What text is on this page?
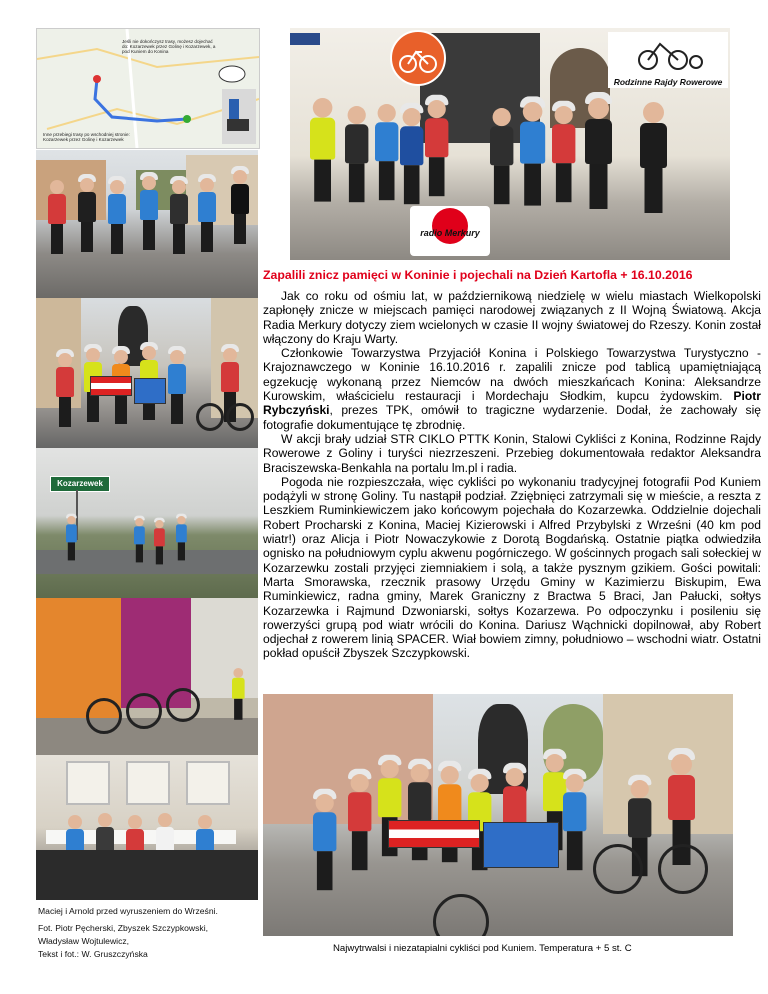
Jeśli nie dokończysz trasy, możesz dojechać do: Kozarzewek przez Golinę i Kozarzewek, a pod Kuniem do Konina
Inne przebiegi trasy po wschodniej stronie: Kozarzewek przez Golinę i Kozarzewek
Kozarzewek
Maciej i Arnold przed wyruszeniem do Wrześni.
Fot. Piotr Pęcherski, Zbyszek Szczypkowski,
Władysław Wojtulewicz,
Tekst i fot.: W. Gruszczyńska
Rodzinne Rajdy Rowerowe
radio Merkury
Zapalili znicz pamięci w Koninie i pojechali na Dzień Kartofla + 16.10.2016

Jak co roku od ośmiu lat, w październikową niedzielę w wielu miastach Wielkopolski zapłonęły znicze w miejscach pamięci narodowej związanych z II Wojną Światową. Akcja Radia Merkury dotyczy ziem wcielonych w czasie II wojny światowej do Rzeszy. Konin został włączony do Kraju Warty.

Członkowie Towarzystwa Przyjaciół Konina i Polskiego Towarzystwa Turystyczno - Krajoznawczego w Koninie 16.10.2016 r. zapalili znicze pod tablicą upamiętniającą egzekucję wykonaną przez Niemców na dwóch mieszkańcach Konina: Aleksandrze Kurowskim, właścicielu restauracji i Mordechaju Słodkim, kupcu żydowskim. Piotr Rybczyński, prezes TPK, omówił to tragiczne wydarzenie. Dodał, że zachowały się fotografie dokumentujące tę zbrodnię.

W akcji brały udział STR CIKLO PTTK Konin, Stalowi Cykliści z Konina, Rodzinne Rajdy Rowerowe z Goliny i turyści niezrzeszeni. Przebieg dokumentowała redaktor Aleksandra Braciszewska-Benkahla na portalu lm.pl i radia.

Pogoda nie rozpieszczała, więc cykliści po wykonaniu tradycyjnej fotografii Pod Kuniem podążyli w stronę Goliny. Tu nastąpił podział. Zziębnięci zatrzymali się w mieście, a reszta z Leszkiem Ruminkiewiczem jako końcowym pojechała do Kozarzewka. Oddzielnie dojechali Robert Procharski z Konina, Maciej Kizierowski i Alfred Przybylski z Wrześni (40 km pod wiatr!) oraz Alicja i Piotr Nowaczykowie z Dorotą Bogdańską. Ostatnie piątka odwiedziła ognisko na południowym cyplu akwenu pogórniczego. W gościnnych progach sali sołeckiej w Kozarzewku zostali przyjęci ziemniakiem i solą, a także pysznym gzikiem. Gości powitali: Marta Smorawska, rzecznik prasowy Urzędu Gminy w Kazimierzu Biskupim, Ewa Ruminkiewicz, radna gminy, Marek Graniczny z Bractwa 5 Braci, Jan Pałucki, sołtys Kozarzewka i Rajmund Dzwoniarski, sołtys Kozarzewa. Po odpoczynku i posileniu się rowerzyści grupą pod wiatr wrócili do Konina. Dariusz Wąchnicki dopilnował, aby Robert odjechał z rowerem linią SPACER. Wiał bowiem zimny, południowo – wschodni wiatr. Ostatni pokład opuścił Zbyszek Szczypkowski.

Najwytrwalsi i niezatapialni cykliści pod Kuniem. Temperatura + 5 st. C
